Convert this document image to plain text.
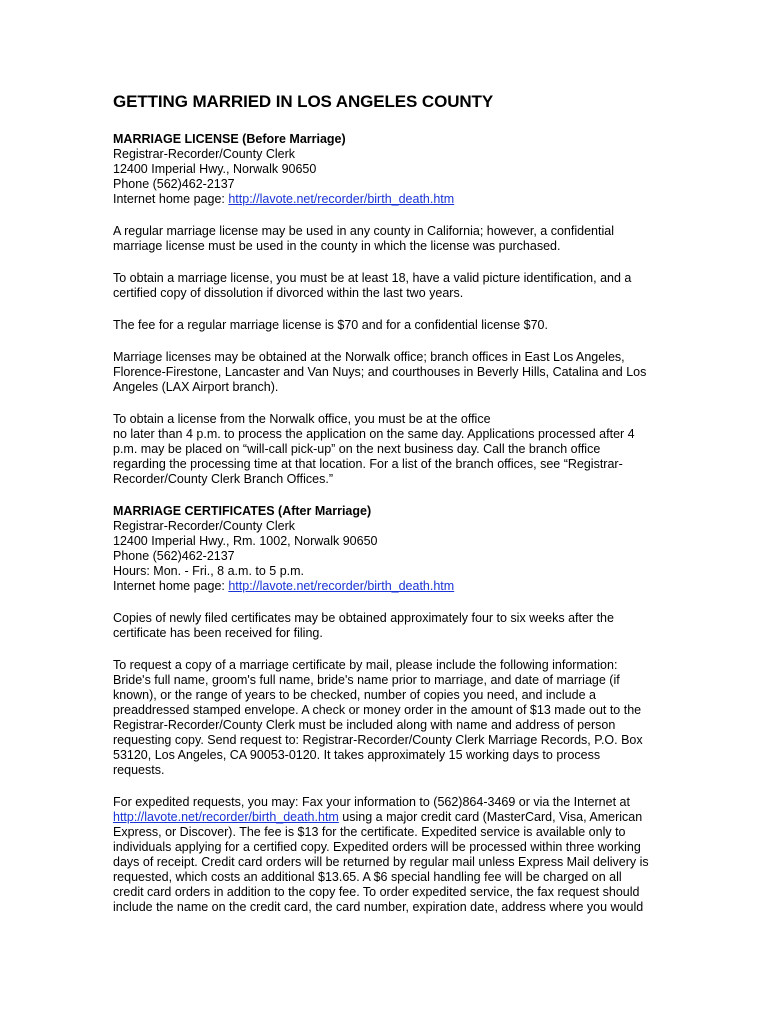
GETTING MARRIED IN LOS ANGELES COUNTY

MARRIAGE LICENSE (Before Marriage)

Registrar-Recorder/County Clerk

12400 Imperial Hwy., Norwalk 90650

Phone (562)462-2137

Internet home page: http://lavote.net/recorder/birth_death.htm

A regular marriage license may be used in any county in California; however, a confidential

marriage license must be used in the county in which the license was purchased.

To obtain a marriage license, you must be at least 18, have a valid picture identification, and a

certified copy of dissolution if divorced within the last two years.

The fee for a regular marriage license is $70 and for a confidential license $70.

Marriage licenses may be obtained at the Norwalk office; branch offices in East Los Angeles,

Florence-Firestone, Lancaster and Van Nuys; and courthouses in Beverly Hills, Catalina and Los

Angeles (LAX Airport branch).

To obtain a license from the Norwalk office, you must be at the office

no later than 4 p.m. to process the application on the same day. Applications processed after 4

p.m. may be placed on “will-call pick-up” on the next business day. Call the branch office

regarding the processing time at that location. For a list of the branch offices, see “Registrar-

Recorder/County Clerk Branch Offices.”

MARRIAGE CERTIFICATES (After Marriage)

Registrar-Recorder/County Clerk

12400 Imperial Hwy., Rm. 1002, Norwalk 90650

Phone (562)462-2137

Hours: Mon. - Fri., 8 a.m. to 5 p.m.

Internet home page: http://lavote.net/recorder/birth_death.htm

Copies of newly filed certificates may be obtained approximately four to six weeks after the

certificate has been received for filing.

To request a copy of a marriage certificate by mail, please include the following information:

Bride's full name, groom's full name, bride's name prior to marriage, and date of marriage (if

known), or the range of years to be checked, number of copies you need, and include a

preaddressed stamped envelope. A check or money order in the amount of $13 made out to the

Registrar-Recorder/County Clerk must be included along with name and address of person

requesting copy. Send request to: Registrar-Recorder/County Clerk Marriage Records, P.O. Box

53120, Los Angeles, CA 90053-0120. It takes approximately 15 working days to process

requests.

For expedited requests, you may: Fax your information to (562)864-3469 or via the Internet at

http://lavote.net/recorder/birth_death.htm using a major credit card (MasterCard, Visa, American

Express, or Discover). The fee is $13 for the certificate. Expedited service is available only to

individuals applying for a certified copy. Expedited orders will be processed within three working

days of receipt. Credit card orders will be returned by regular mail unless Express Mail delivery is

requested, which costs an additional $13.65. A $6 special handling fee will be charged on all

credit card orders in addition to the copy fee. To order expedited service, the fax request should

include the name on the credit card, the card number, expiration date, address where you would
